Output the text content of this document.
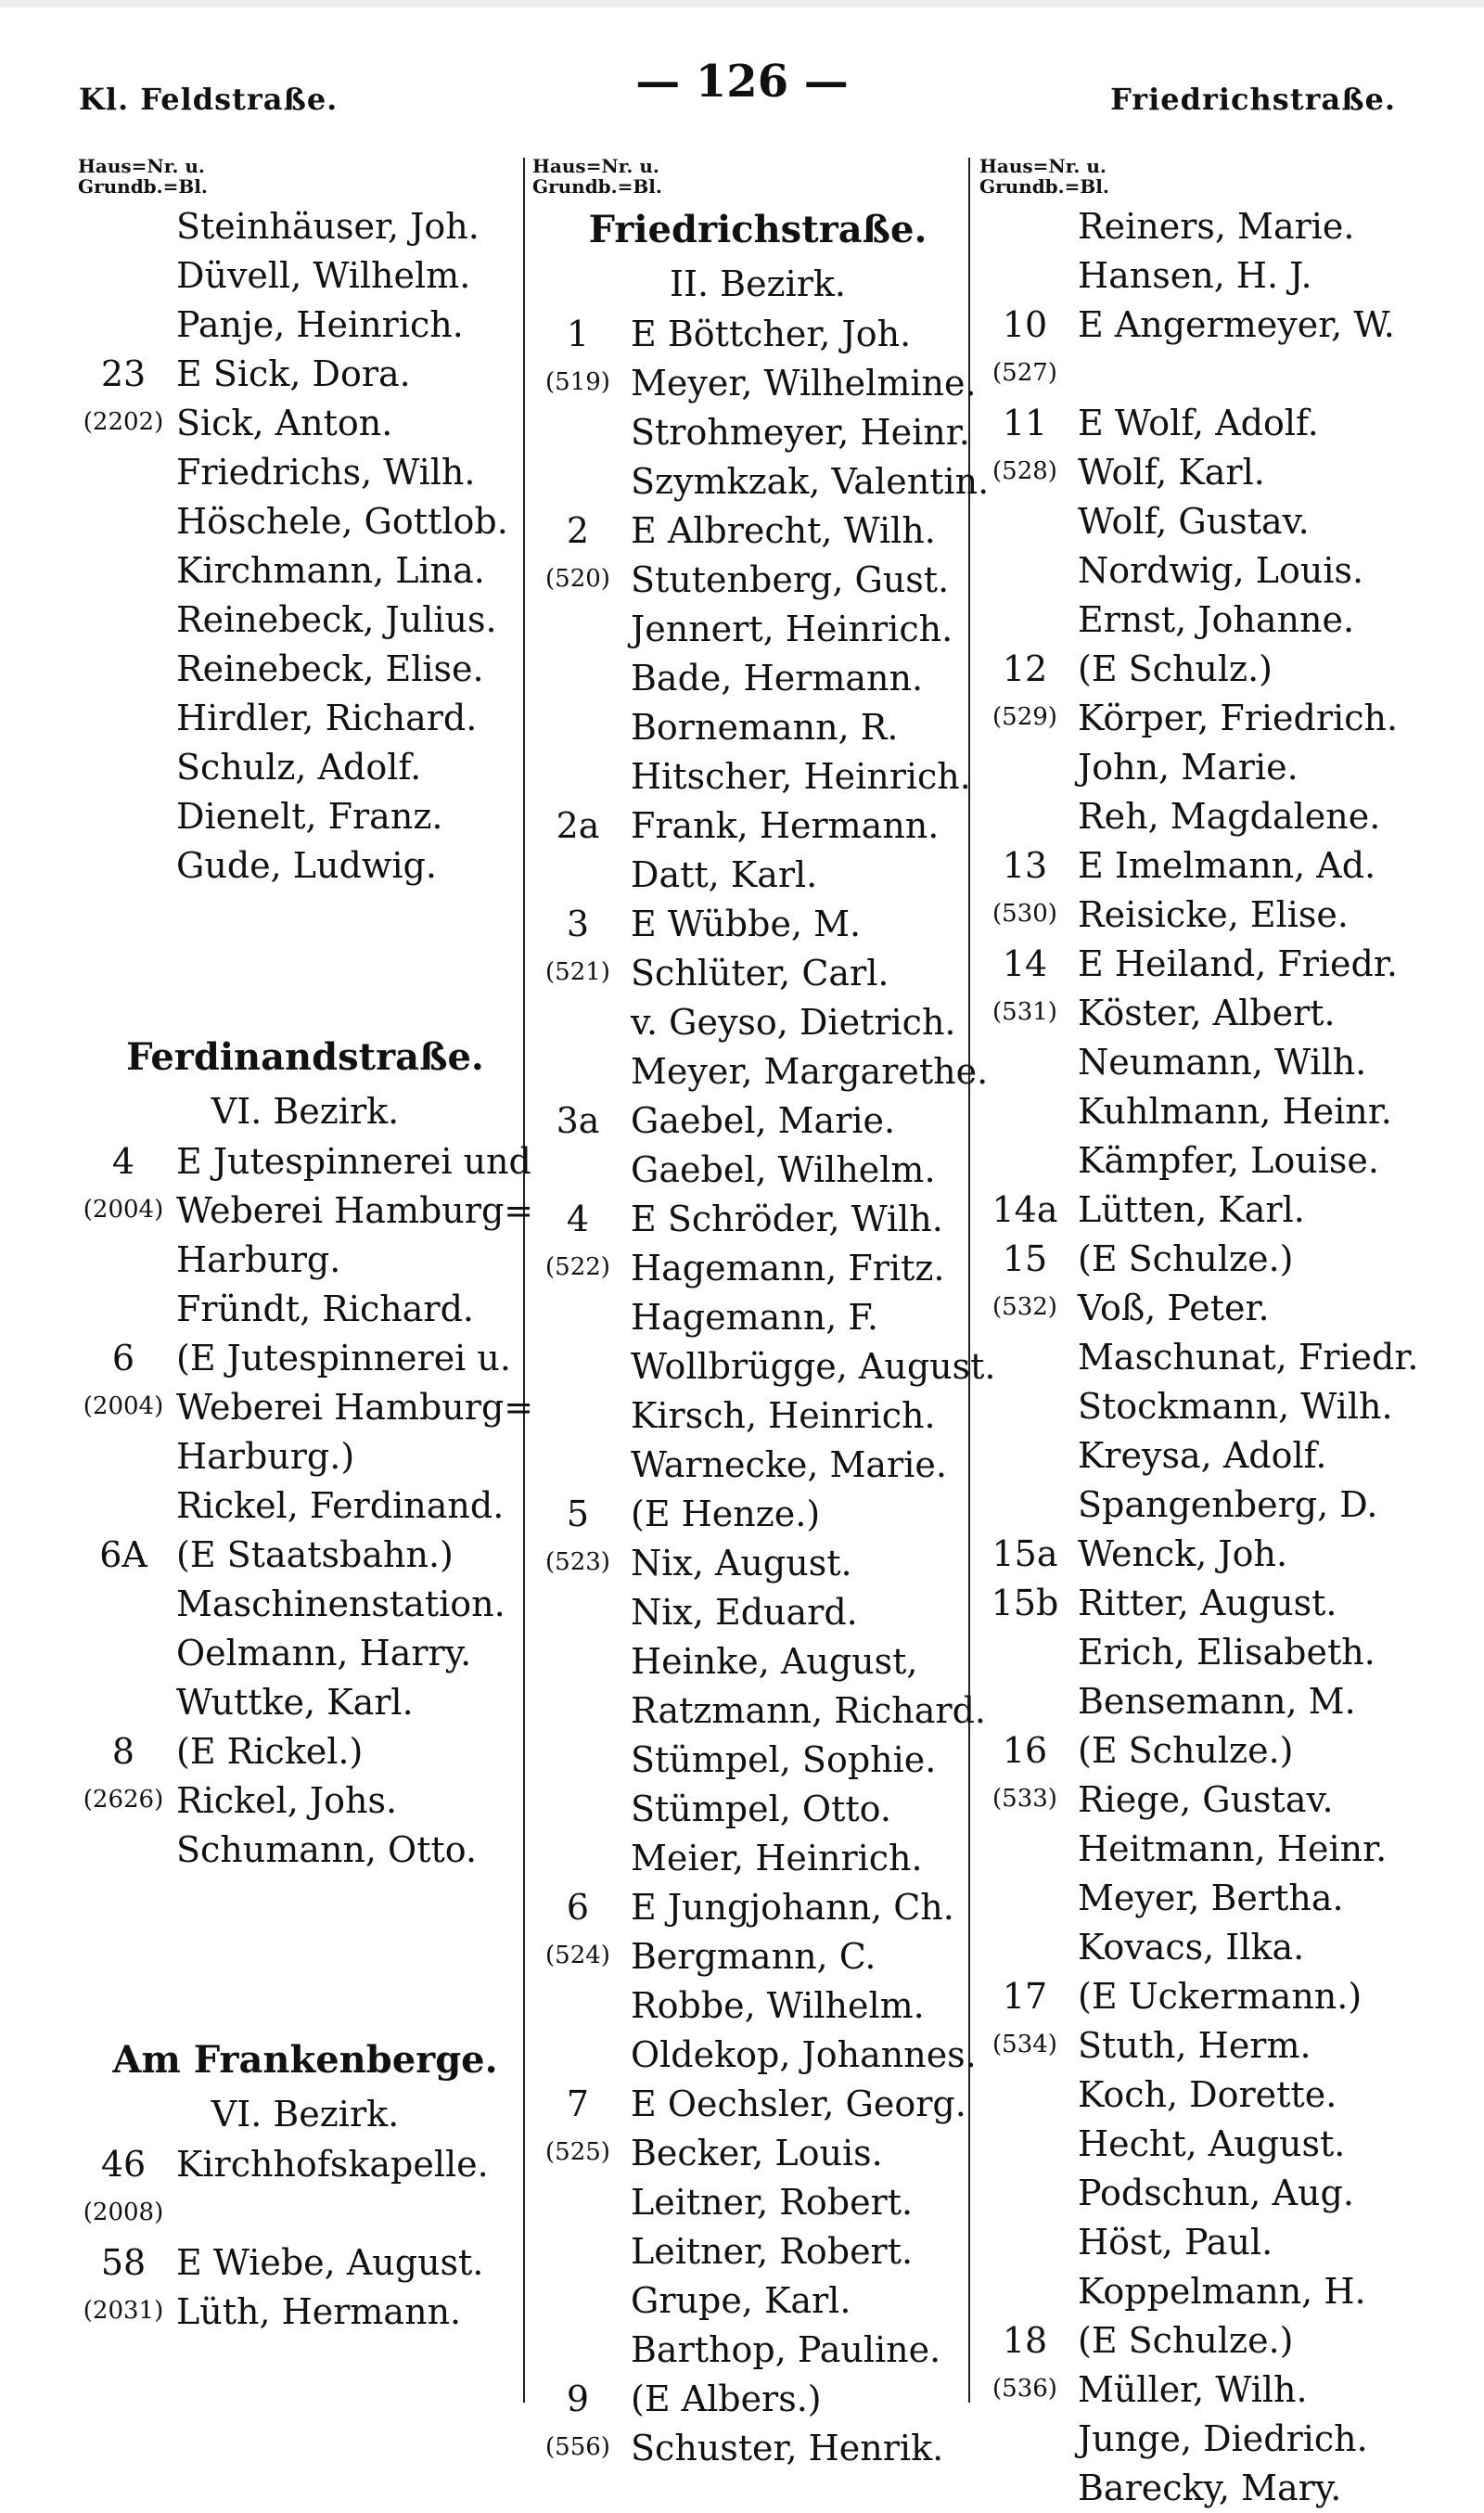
Kl. Feldstraße.	— 126 —	Friedrichstraße.
Haus=Nr. u.
Grundb.=Bl.
Steinhäuser, Joh.
Düvell, Wilhelm.
Panje, Heinrich.
23 E Sick, Dora.
(2202) Sick, Anton.
Friedrichs, Wilh.
Höschele, Gottlob.
Kirchmann, Lina.
Reinebeck, Julius.
Reinebeck, Elise.
Hirdler, Richard.
Schulz, Adolf.
Dienelt, Franz.
Gude, Ludwig.
Ferdinandstraße.
VI. Bezirk.
4	E Jutespinnerei und
(2004) Weberei Hamburg=
Harburg.
Fründt, Richard.
6	(E Jutespinnerei u.
(2004) Weberei Hamburg=
Harburg.)
Rickel, Ferdinand.
6A (E Staatsbahn.)
Maschinenstation.
Oelmann, Harry.
Wuttke, Karl.
8	(E Rickel.)
(2626) Rickel, Johs.
Schumann, Otto.
Am Frankenberge.
VI. Bezirk.
46 Kirchhofskapelle.
(2008)
58 E Wiebe, August.
(2031) Lüth, Hermann.
Haus=Nr. u.
Grundb.=Bl.
Friedrichstraße.
II. Bezirk.
1	E Böttcher, Joh.
(519) Meyer, Wilhelmine.
Strohmeyer, Heinr.
Szymkzak, Valentin.
2	E Albrecht, Wilh.
(520) Stutenberg, Gust.
Jennert, Heinrich.
Bade, Hermann.
Bornemann, R.
Hitscher, Heinrich.
2a Frank, Hermann.
Datt, Karl.
3	E Wübbe, M.
(521) Schlüter, Carl.
v. Geyso, Dietrich.
Meyer, Margarethe.
3a Gaebel, Marie.
Gaebel, Wilhelm.
4	E Schröder, Wilh.
(522) Hagemann, Fritz.
Hagemann, F.
Wollbrügge, August.
Kirsch, Heinrich.
Warnecke, Marie.
5	(E Henze.)
(523) Nix, August.
Nix, Eduard.
Heinke, August,
Ratzmann, Richard.
Stümpel, Sophie.
Stümpel, Otto.
Meier, Heinrich.
6	E Jungjohann, Ch.
(524) Bergmann, C.
Robbe, Wilhelm.
Oldekop, Johannes.
7	E Oechsler, Georg.
(525) Becker, Louis.
Leitner, Robert.
Leitner, Robert.
Grupe, Karl.
Barthop, Pauline.
9	(E Albers.)
(556) Schuster, Henrik.
Haus=Nr. u.
Grundb.=Bl.
Reiners, Marie.
Hansen, H. J.
10 E Angermeyer, W.
(527)
11 E Wolf, Adolf.
(528) Wolf, Karl.
Wolf, Gustav.
Nordwig, Louis.
Ernst, Johanne.
12 (E Schulz.)
(529) Körper, Friedrich.
John, Marie.
Reh, Magdalene.
13 E Imelmann, Ad.
(530) Reisicke, Elise.
14 E Heiland, Friedr.
(531) Köster, Albert.
Neumann, Wilh.
Kuhlmann, Heinr.
Kämpfer, Louise.
14a Lütten, Karl.
15 (E Schulze.)
(532) Voß, Peter.
Maschunat, Friedr.
Stockmann, Wilh.
Kreysa, Adolf.
Spangenberg, D.
15a Wenck, Joh.
15b Ritter, August.
Erich, Elisabeth.
Bensemann, M.
16 (E Schulze.)
(533) Riege, Gustav.
Heitmann, Heinr.
Meyer, Bertha.
Kovacs, Ilka.
17 (E Uckermann.)
(534) Stuth, Herm.
Koch, Dorette.
Hecht, August.
Podschun, Aug.
Höst, Paul.
Koppelmann, H.
18 (E Schulze.)
(536) Müller, Wilh.
Junge, Diedrich.
Barecky, Mary.
